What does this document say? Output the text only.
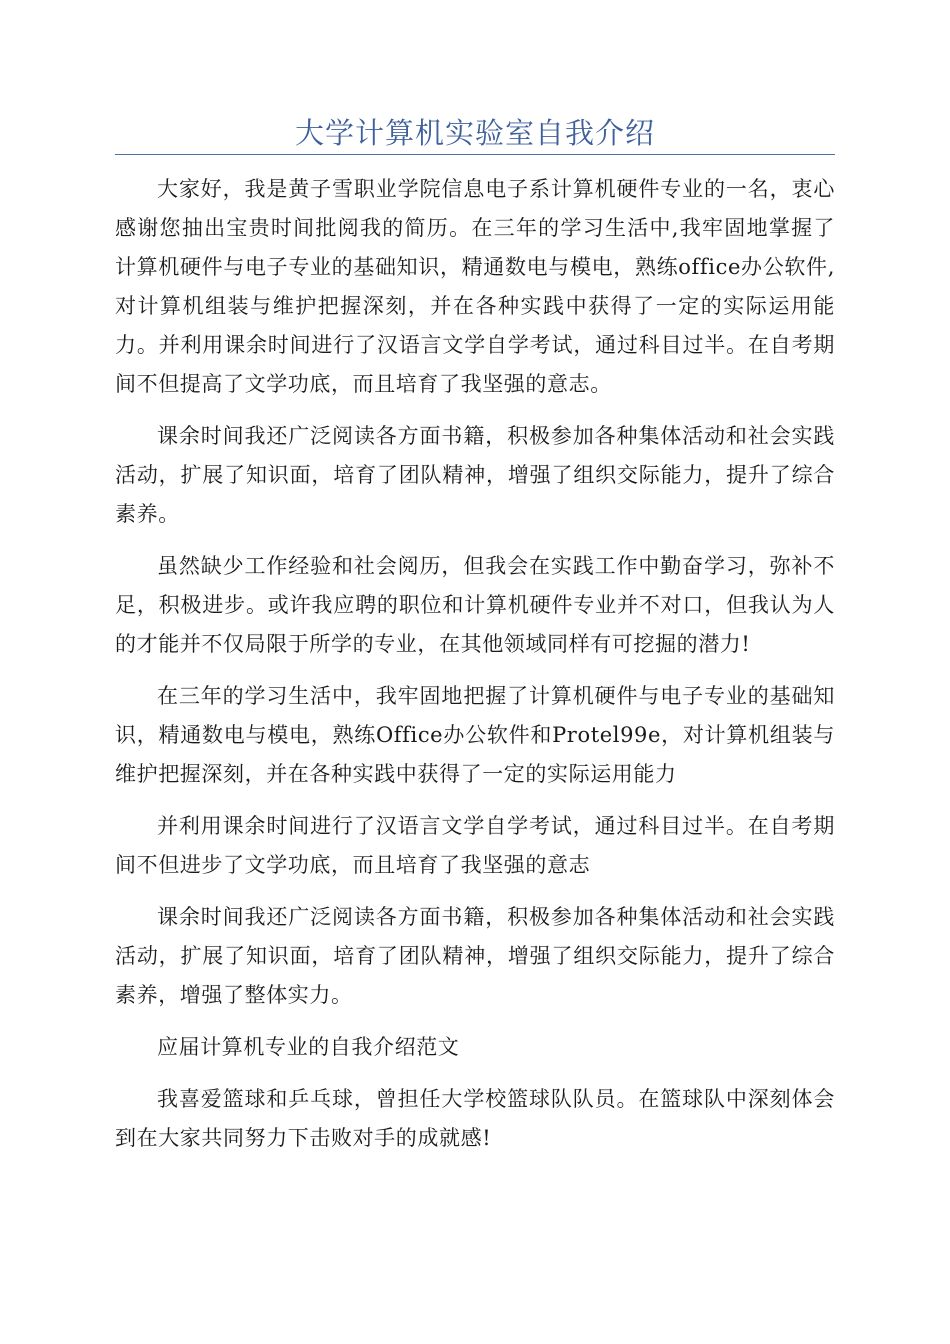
大学计算机实验室自我介绍

大家好，我是黄子雪职业学院信息电子系计算机硬件专业的一名，衷心感谢您抽出宝贵时间批阅我的简历。在三年的学习生活中,我牢固地掌握了计算机硬件与电子专业的基础知识，精通数电与模电，熟练office办公软件,对计算机组装与维护把握深刻，并在各种实践中获得了一定的实际运用能力。并利用课余时间进行了汉语言文学自学考试，通过科目过半。在自考期间不但提高了文学功底，而且培育了我坚强的意志。

课余时间我还广泛阅读各方面书籍，积极参加各种集体活动和社会实践活动，扩展了知识面，培育了团队精神，增强了组织交际能力，提升了综合素养。

虽然缺少工作经验和社会阅历，但我会在实践工作中勤奋学习，弥补不足，积极进步。或许我应聘的职位和计算机硬件专业并不对口，但我认为人的才能并不仅局限于所学的专业，在其他领域同样有可挖掘的潜力!

在三年的学习生活中，我牢固地把握了计算机硬件与电子专业的基础知识，精通数电与模电，熟练Office办公软件和Protel99e，对计算机组装与维护把握深刻，并在各种实践中获得了一定的实际运用能力

并利用课余时间进行了汉语言文学自学考试，通过科目过半。在自考期间不但进步了文学功底，而且培育了我坚强的意志

课余时间我还广泛阅读各方面书籍，积极参加各种集体活动和社会实践活动，扩展了知识面，培育了团队精神，增强了组织交际能力，提升了综合素养，增强了整体实力。

应届计算机专业的自我介绍范文

我喜爱篮球和乒乓球，曾担任大学校篮球队队员。在篮球队中深刻体会到在大家共同努力下击败对手的成就感!
